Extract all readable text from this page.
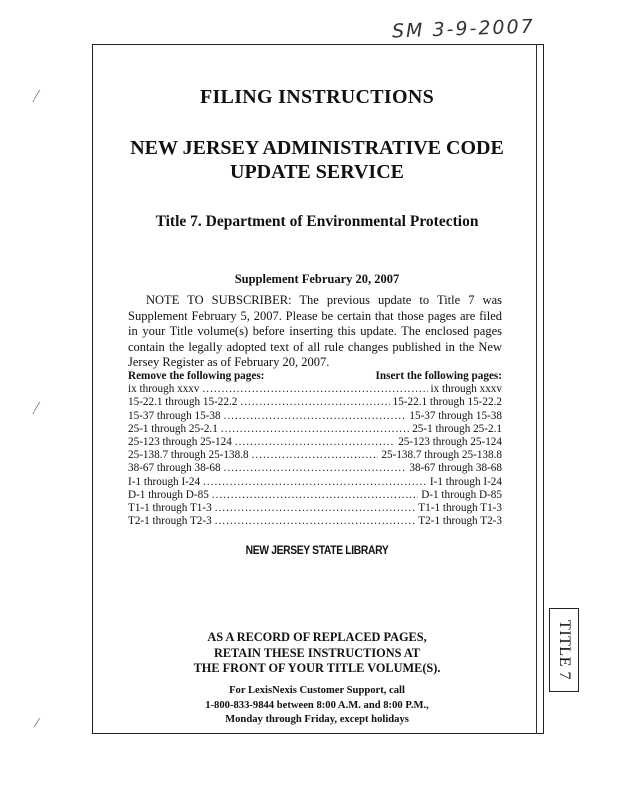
SM 3-9-2007
ˏ⁄
ˏ⁄
⁄
FILING INSTRUCTIONS
NEW JERSEY ADMINISTRATIVE CODE
UPDATE SERVICE
Title 7. Department of Environmental Protection
Supplement February 20, 2007
NOTE TO SUBSCRIBER: The previous update to Title 7 was Supplement February 5, 2007. Please be certain that those pages are filed in your Title volume(s) before inserting this update. The enclosed pages contain the legally adopted text of all rule changes published in the New Jersey Register as of February 20, 2007.
Remove the following pages:	Insert the following pages:
ix through xxxv .....	ix through xxxv
15-22.1 through 15-22.2 .....	15-22.1 through 15-22.2
15-37 through 15-38 .....	15-37 through 15-38
25-1 through 25-2.1 .....	25-1 through 25-2.1
25-123 through 25-124 .....	25-123 through 25-124
25-138.7 through 25-138.8 .....	25-138.7 through 25-138.8
38-67 through 38-68 .....	38-67 through 38-68
I-1 through I-24 .....	I-1 through I-24
D-1 through D-85 .....	D-1 through D-85
T1-1 through T1-3 .....	T1-1 through T1-3
T2-1 through T2-3 .....	T2-1 through T2-3
NEW JERSEY STATE LIBRARY
AS A RECORD OF REPLACED PAGES,
RETAIN THESE INSTRUCTIONS AT
THE FRONT OF YOUR TITLE VOLUME(S).
For LexisNexis Customer Support, call
1-800-833-9844 between 8:00 A.M. and 8:00 P.M.,
Monday through Friday, except holidays
TITLE 7
